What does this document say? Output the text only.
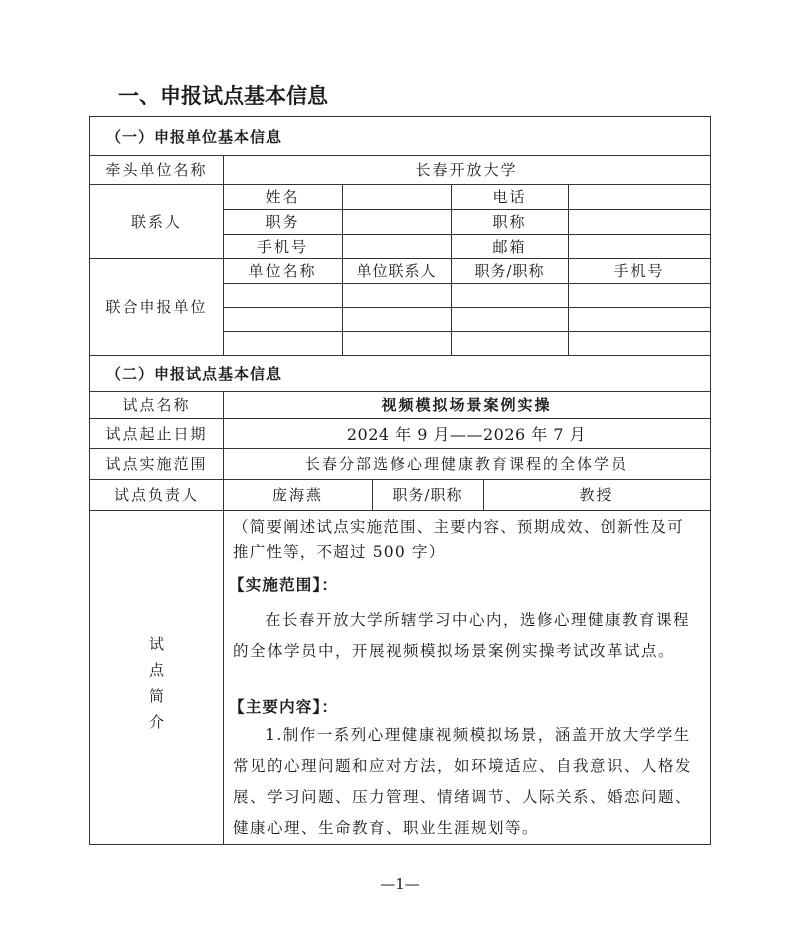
一、申报试点基本信息
（一）申报单位基本信息
牵头单位名称	长春开放大学
联系人
姓名	电话
职务	职称
手机号	邮箱
联合申报单位
单位名称	单位联系人	职务/职称	手机号
（二）申报试点基本信息
试点名称	视频模拟场景案例实操
试点起止日期	2024 年 9 月——2026 年 7 月
试点实施范围	长春分部选修心理健康教育课程的全体学员
试点负责人	庞海燕	职务/职称	教授
试
点
简
介
（简要阐述试点实施范围、主要内容、预期成效、创新性及可推广性等，不超过 500 字）
【实施范围】：
在长春开放大学所辖学习中心内，选修心理健康教育课程的全体学员中，开展视频模拟场景案例实操考试改革试点。
【主要内容】：
1.制作一系列心理健康视频模拟场景，涵盖开放大学学生常见的心理问题和应对方法，如环境适应、自我意识、人格发展、学习问题、压力管理、情绪调节、人际关系、婚恋问题、健康心理、生命教育、职业生涯规划等。
—1—
